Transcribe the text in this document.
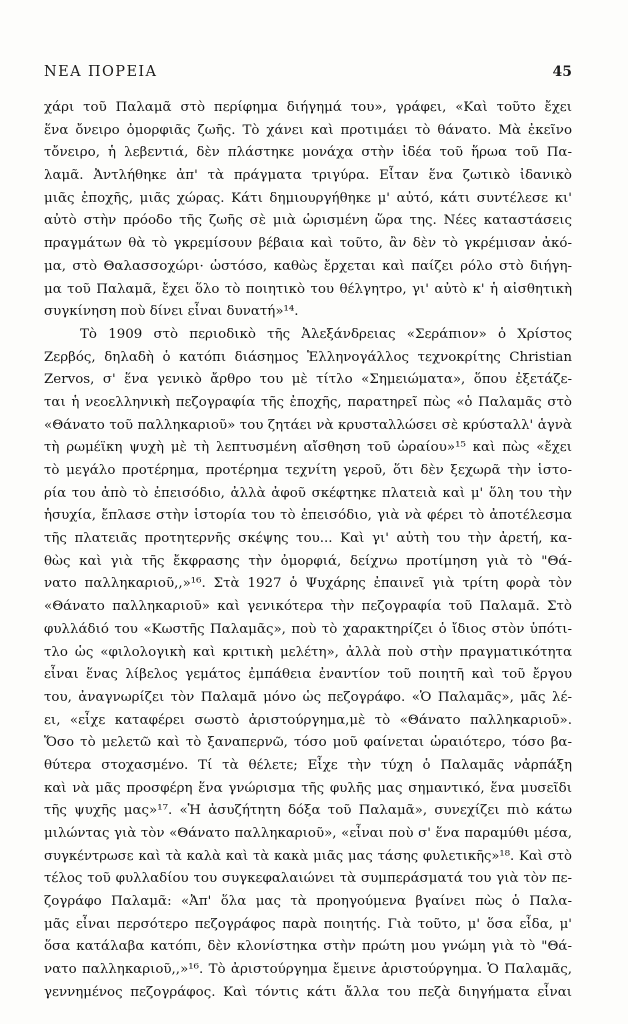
ΝΕΑ ΠΟΡΕΙΑ	45
χάρι τοῦ Παλαμᾶ στὸ περίφημα διήγημά του», γράφει, «Καὶ τοῦτο ἔχει
ἕνα ὄνειρο ὀμορφιᾶς ζωῆς. Τὸ χάνει καὶ προτιμάει τὸ θάνατο. Μὰ ἐκεῖνο
τὄνειρο, ἡ λεβεντιά, δὲν πλάστηκε μονάχα στὴν ἰδέα τοῦ ἥρωα τοῦ Πα-
λαμᾶ. Ἀντλήθηκε ἀπ' τὰ πράγματα τριγύρα. Εἶταν ἕνα ζωτικὸ ἰδανικὸ
μιᾶς ἐποχῆς, μιᾶς χώρας. Κάτι δημιουργήθηκε μ' αὐτό, κάτι συντέλεσε κι'
αὐτὸ στὴν πρόοδο τῆς ζωῆς σὲ μιὰ ὡρισμένη ὥρα της. Νέες καταστάσεις
πραγμάτων θὰ τὸ γκρεμίσουν βέβαια καὶ τοῦτο, ἂν δὲν τὸ γκρέμισαν ἀκό-
μα, στὸ Θαλασσοχώρι· ὡστόσο, καθὼς ἔρχεται καὶ παίζει ρόλο στὸ διήγη-
μα τοῦ Παλαμᾶ, ἔχει ὅλο τὸ ποιητικὸ του θέλγητρο, γι' αὐτὸ κ' ἡ αἰσθητικὴ
συγκίνηση ποὺ δίνει εἶναι δυνατή»¹⁴.
Τὸ 1909 στὸ περιοδικὸ τῆς Ἀλεξάνδρειας «Σεράπιον» ὁ Χρίστος
Ζερβός, δηλαδὴ ὁ κατόπι διάσημος Ἑλληνογάλλος τεχνοκρίτης Christian
Zervos, σ' ἕνα γενικὸ ἄρθρο του μὲ τίτλο «Σημειώματα», ὅπου ἐξετάζε-
ται ἡ νεοελληνικὴ πεζογραφία τῆς ἐποχῆς, παρατηρεῖ πὼς «ὁ Παλαμᾶς στὸ
«Θάνατο τοῦ παλληκαριοῦ» του ζητάει νὰ κρυσταλλώσει σὲ κρύσταλλ' ἁγνὰ
τὴ ρωμέϊκη ψυχὴ μὲ τὴ λεπτυσμένη αἴσθηση τοῦ ὡραίου»¹⁵ καὶ πὼς «ἔχει
τὸ μεγάλο προτέρημα, προτέρημα τεχνίτη γεροῦ, ὅτι δὲν ξεχωρᾶ τὴν ἱστο-
ρία του ἀπὸ τὸ ἐπεισόδιο, ἀλλὰ ἀφοῦ σκέφτηκε πλατειὰ καὶ μ' ὅλη του τὴν
ἡσυχία, ἔπλασε στὴν ἱστορία του τὸ ἐπεισόδιο, γιὰ νὰ φέρει τὸ ἀποτέλεσμα
τῆς πλατειᾶς προτητερνῆς σκέψης του... Καὶ γι' αὐτὴ του τὴν ἀρετή, κα-
θὼς καὶ γιὰ τῆς ἔκφρασης τὴν ὀμορφιά, δείχνω προτίμηση γιὰ τὸ "Θά-
νατο παλληκαριοῦ,,»¹⁶. Στὰ 1927 ὁ Ψυχάρης ἐπαινεῖ γιὰ τρίτη φορὰ τὸν
«Θάνατο παλληκαριοῦ» καὶ γενικότερα τὴν πεζογραφία τοῦ Παλαμᾶ. Στὸ
φυλλάδιό του «Κωστῆς Παλαμᾶς», ποὺ τὸ χαρακτηρίζει ὁ ἴδιος στὸν ὑπότι-
τλο ὡς «φιλολογικὴ καὶ κριτικὴ μελέτη», ἀλλὰ ποὺ στὴν πραγματικότητα
εἶναι ἕνας λίβελος γεμάτος ἐμπάθεια ἐναντίον τοῦ ποιητῆ καὶ τοῦ ἔργου
του, ἀναγνωρίζει τὸν Παλαμᾶ μόνο ὡς πεζογράφο. «Ὁ Παλαμᾶς», μᾶς λέ-
ει, «εἶχε καταφέρει σωστὸ ἀριστούργημα,μὲ τὸ «Θάνατο παλληκαριοῦ».
Ὅσο τὸ μελετῶ καὶ τὸ ξαναπερνῶ, τόσο μοῦ φαίνεται ὡραιότερο, τόσο βα-
θύτερα στοχασμένο. Τί τὰ θέλετε; Εἶχε τὴν τύχη ὁ Παλαμᾶς νἀρπάξη
καὶ νὰ μᾶς προσφέρη ἕνα γνώρισμα τῆς φυλῆς μας σημαντικό, ἕνα μυσεῖδι
τῆς ψυχῆς μας»¹⁷. «Ἡ ἀσυζήτητη δόξα τοῦ Παλαμᾶ», συνεχίζει πιὸ κάτω
μιλώντας γιὰ τὸν «Θάνατο παλληκαριοῦ», «εἶναι ποὺ σ' ἕνα παραμύθι μέσα,
συγκέντρωσε καὶ τὰ καλὰ καὶ τὰ κακὰ μιᾶς μας τάσης φυλετικῆς»¹⁸. Καὶ στὸ
τέλος τοῦ φυλλαδίου του συγκεφαλαιώνει τὰ συμπεράσματά του γιὰ τὸν πε-
ζογράφο Παλαμᾶ: «Ἀπ' ὅλα μας τὰ προηγούμενα βγαίνει πὼς ὁ Παλα-
μᾶς εἶναι περσότερο πεζογράφος παρὰ ποιητής. Γιὰ τοῦτο, μ' ὅσα εἶδα, μ'
ὅσα κατάλαβα κατόπι, δὲν κλονίστηκα στὴν πρώτη μου γνώμη γιὰ τὸ "Θά-
νατο παλληκαριοῦ,,»¹⁶. Τὸ ἀριστούργημα ἔμεινε ἀριστούργημα. Ὁ Παλαμᾶς,
γεννημένος πεζογράφος. Καὶ τόντις κάτι ἄλλα του πεζὰ διηγήματα εἶναι
